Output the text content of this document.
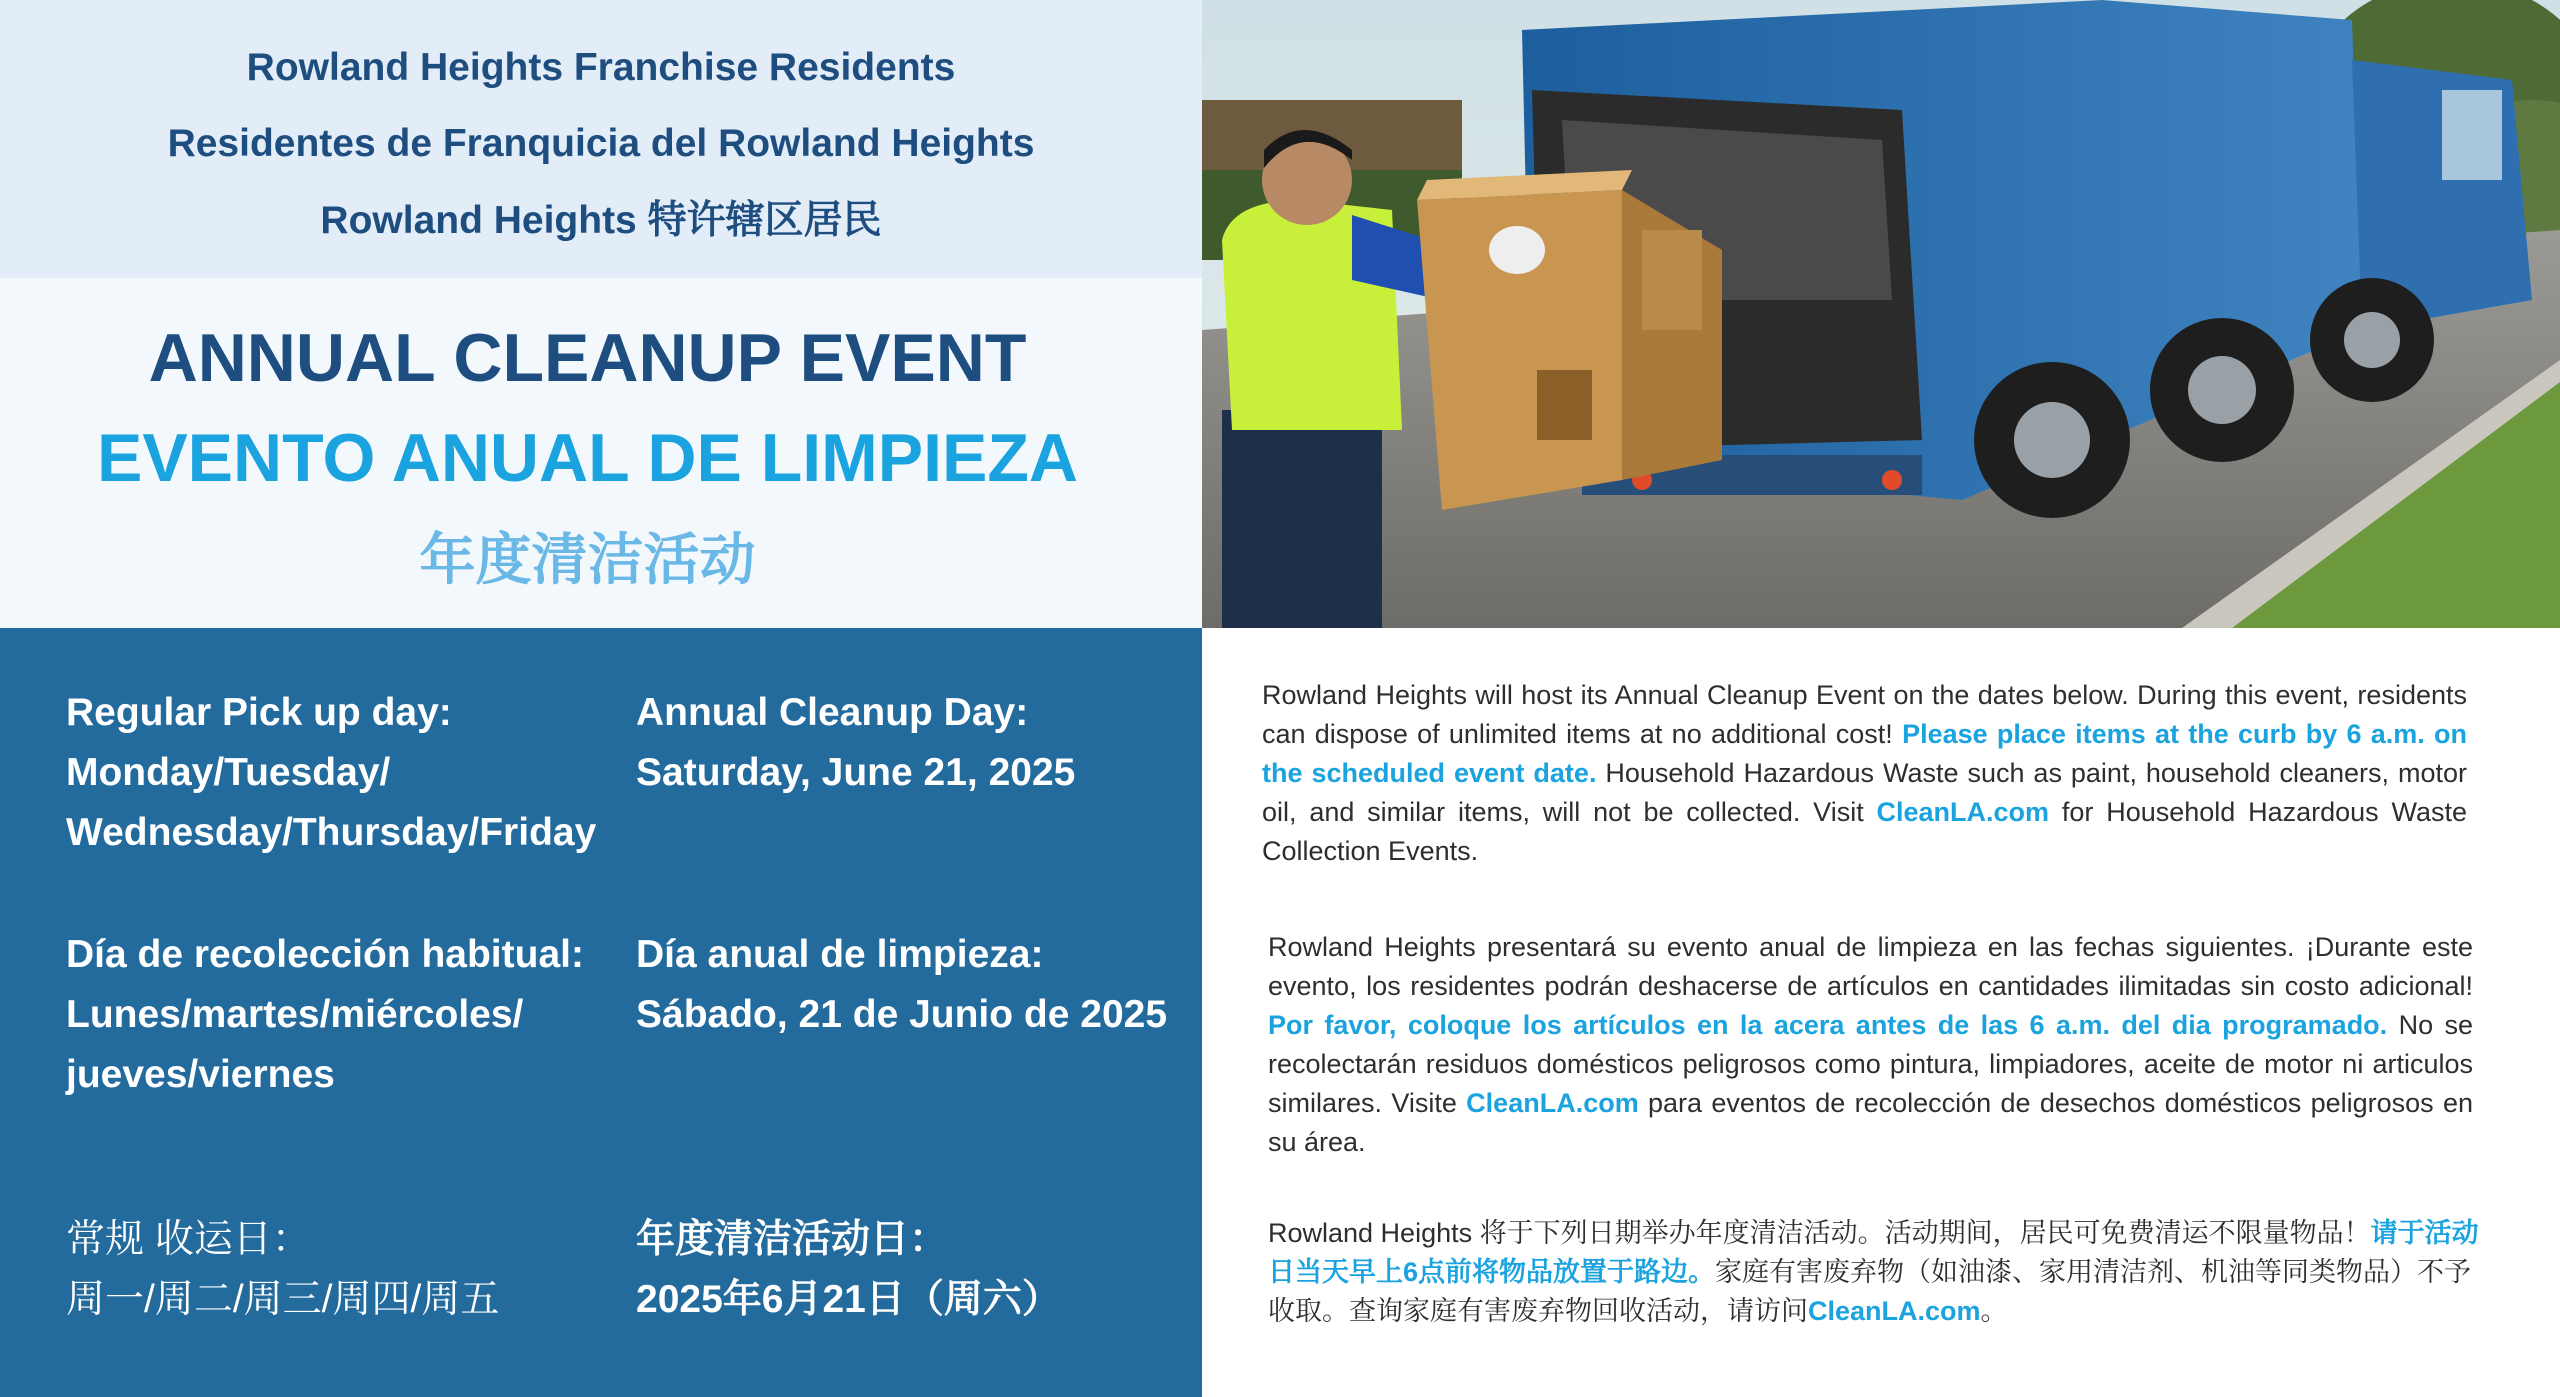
Rowland Heights Franchise Residents
Residentes de Franquicia del Rowland Heights
Rowland Heights 特许辖区居民
ANNUAL CLEANUP EVENT
EVENTO ANUAL DE LIMPIEZA
年度清洁活动
Regular Pick up day:
Monday/Tuesday/
Wednesday/Thursday/Friday
Annual Cleanup Day:
Saturday, June 21, 2025
Día de recolección habitual:
Lunes/martes/miércoles/
jueves/viernes
Día anual de limpieza:
Sábado, 21 de Junio de 2025
常规 收运日：
周一/周二/周三/周四/周五
年度清洁活动日：
2025年6月21日（周六）
Rowland Heights will host its Annual Cleanup Event on the dates below. During this event, residents can dispose of unlimited items at no additional cost! Please place items at the curb by 6 a.m. on the scheduled event date. Household Hazardous Waste such as paint, household cleaners, motor oil, and similar items, will not be collected. Visit CleanLA.com for Household Hazardous Waste Collection Events.
Rowland Heights presentará su evento anual de limpieza en las fechas siguientes. ¡Durante este evento, los residentes podrán deshacerse de artículos en cantidades ilimitadas sin costo adicional! Por favor, coloque los artículos en la acera antes de las 6 a.m. del dia programado. No se recolectarán residuos domésticos peligrosos como pintura, limpiadores, aceite de motor ni articulos similares. Visite CleanLA.com para eventos de recolección de desechos domésticos peligrosos en su área.
Rowland Heights 将于下列日期举办年度清洁活动。活动期间，居民可免费清运不限量物品！请于活动日当天早上6点前将物品放置于路边。家庭有害废弃物（如油漆、家用清洁剂、机油等同类物品）不予收取。查询家庭有害废弃物回收活动，请访问CleanLA.com。
